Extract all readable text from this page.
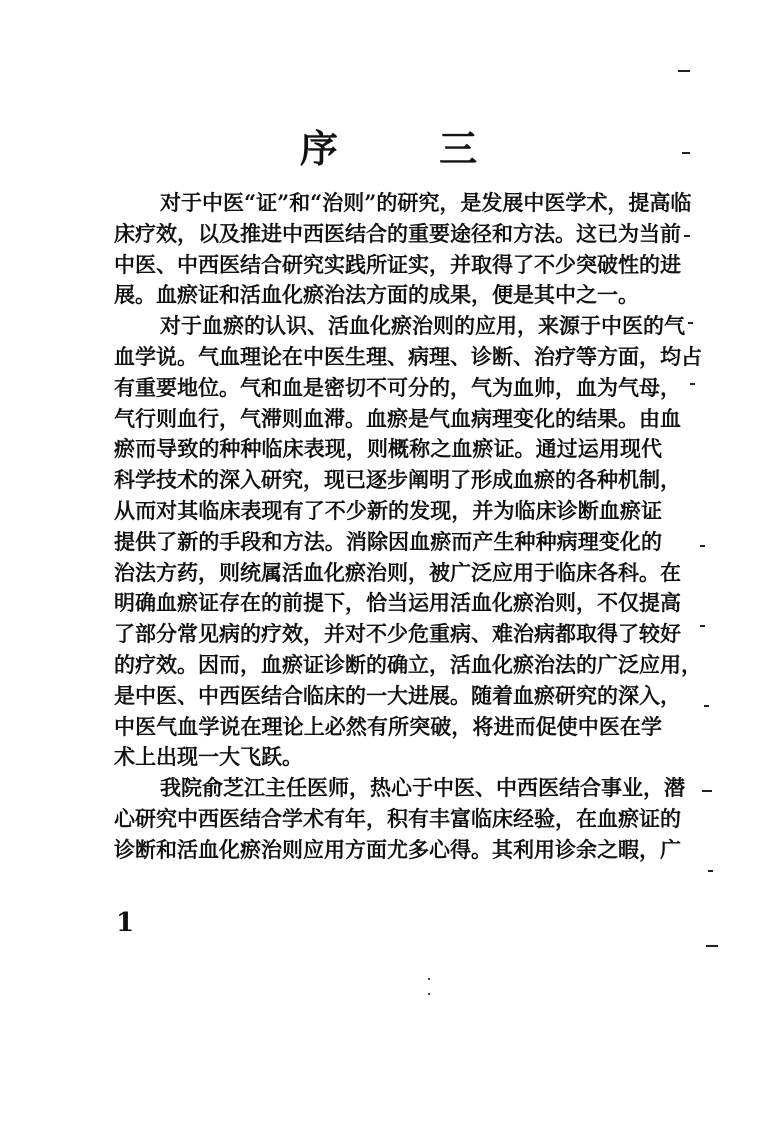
序 三
对于中医“证”和“治则”的研究，是发展中医学术，提高临
床疗效，以及推进中西医结合的重要途径和方法。这已为当前
中医、中西医结合研究实践所证实，并取得了不少突破性的进
展。血瘀证和活血化瘀治法方面的成果，便是其中之一。
对于血瘀的认识、活血化瘀治则的应用，来源于中医的气
血学说。气血理论在中医生理、病理、诊断、治疗等方面，均占
有重要地位。气和血是密切不可分的，气为血帅，血为气母，
气行则血行，气滞则血滞。血瘀是气血病理变化的结果。由血
瘀而导致的种种临床表现，则概称之血瘀证。通过运用现代
科学技术的深入研究，现已逐步阐明了形成血瘀的各种机制，
从而对其临床表现有了不少新的发现，并为临床诊断血瘀证
提供了新的手段和方法。消除因血瘀而产生种种病理变化的
治法方药，则统属活血化瘀治则，被广泛应用于临床各科。在
明确血瘀证存在的前提下，恰当运用活血化瘀治则，不仅提高
了部分常见病的疗效，并对不少危重病、难治病都取得了较好
的疗效。因而，血瘀证诊断的确立，活血化瘀治法的广泛应用，
是中医、中西医结合临床的一大进展。随着血瘀研究的深入，
中医气血学说在理论上必然有所突破，将进而促使中医在学
术上出现一大飞跃。
我院俞芝江主任医师，热心于中医、中西医结合事业，潜
心研究中西医结合学术有年，积有丰富临床经验，在血瘀证的
诊断和活血化瘀治则应用方面尤多心得。其利用诊余之暇，广
1
